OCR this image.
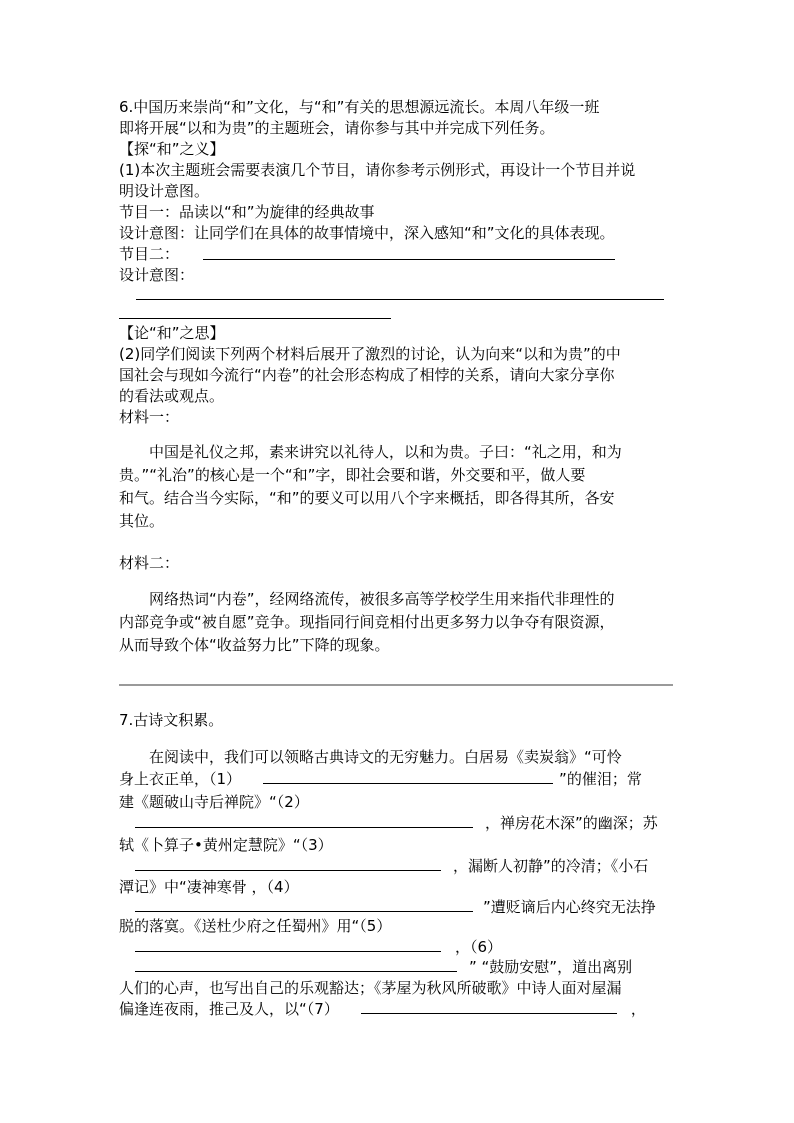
6.中国历来崇尚“和”文化，与“和”有关的思想源远流长。本周八年级一班
即将开展“以和为贵”的主题班会，请你参与其中并完成下列任务。
【探“和”之义】
(1)本次主题班会需要表演几个节目，请你参考示例形式，再设计一个节目并说
明设计意图。
节目一：品读以“和”为旋律的经典故事
设计意图：让同学们在具体的故事情境中，深入感知“和”文化的具体表现。
节目二：
设计意图：
【论“和”之思】
(2)同学们阅读下列两个材料后展开了激烈的讨论，认为向来“以和为贵”的中
国社会与现如今流行“内卷”的社会形态构成了相悖的关系，请向大家分享你
的看法或观点。
材料一：
中国是礼仪之邦，素来讲究以礼待人，以和为贵。子曰：“礼之用，和为
贵。”“礼治”的核心是一个“和”字，即社会要和谐，外交要和平，做人要
和气。结合当今实际，“和”的要义可以用八个字来概括，即各得其所，各安
其位。
材料二：
网络热词“内卷”，经网络流传，被很多高等学校学生用来指代非理性的
内部竞争或“被自愿”竞争。现指同行间竞相付出更多努力以争夺有限资源，
从而导致个体“收益努力比”下降的现象。
7.古诗文积累。
在阅读中，我们可以领略古典诗文的无穷魅力。白居易《卖炭翁》“可怜
身上衣正单，（1）	”的催泪；常
建《题破山寺后禅院》“（2）
，禅房花木深”的幽深；苏
轼《卜算子•黄州定慧院》“（3）
，漏断人初静”的冷清；《小石
潭记》中“凄神寒骨 ，（4）
”遭贬谪后内心终究无法挣
脱的落寞。《送杜少府之任蜀州》用“（5）
，（6）
” “鼓励安慰”，道出离别
人们的心声，也写出自己的乐观豁达；《茅屋为秋风所破歌》中诗人面对屋漏
偏逢连夜雨，推己及人，以“（7）	，
